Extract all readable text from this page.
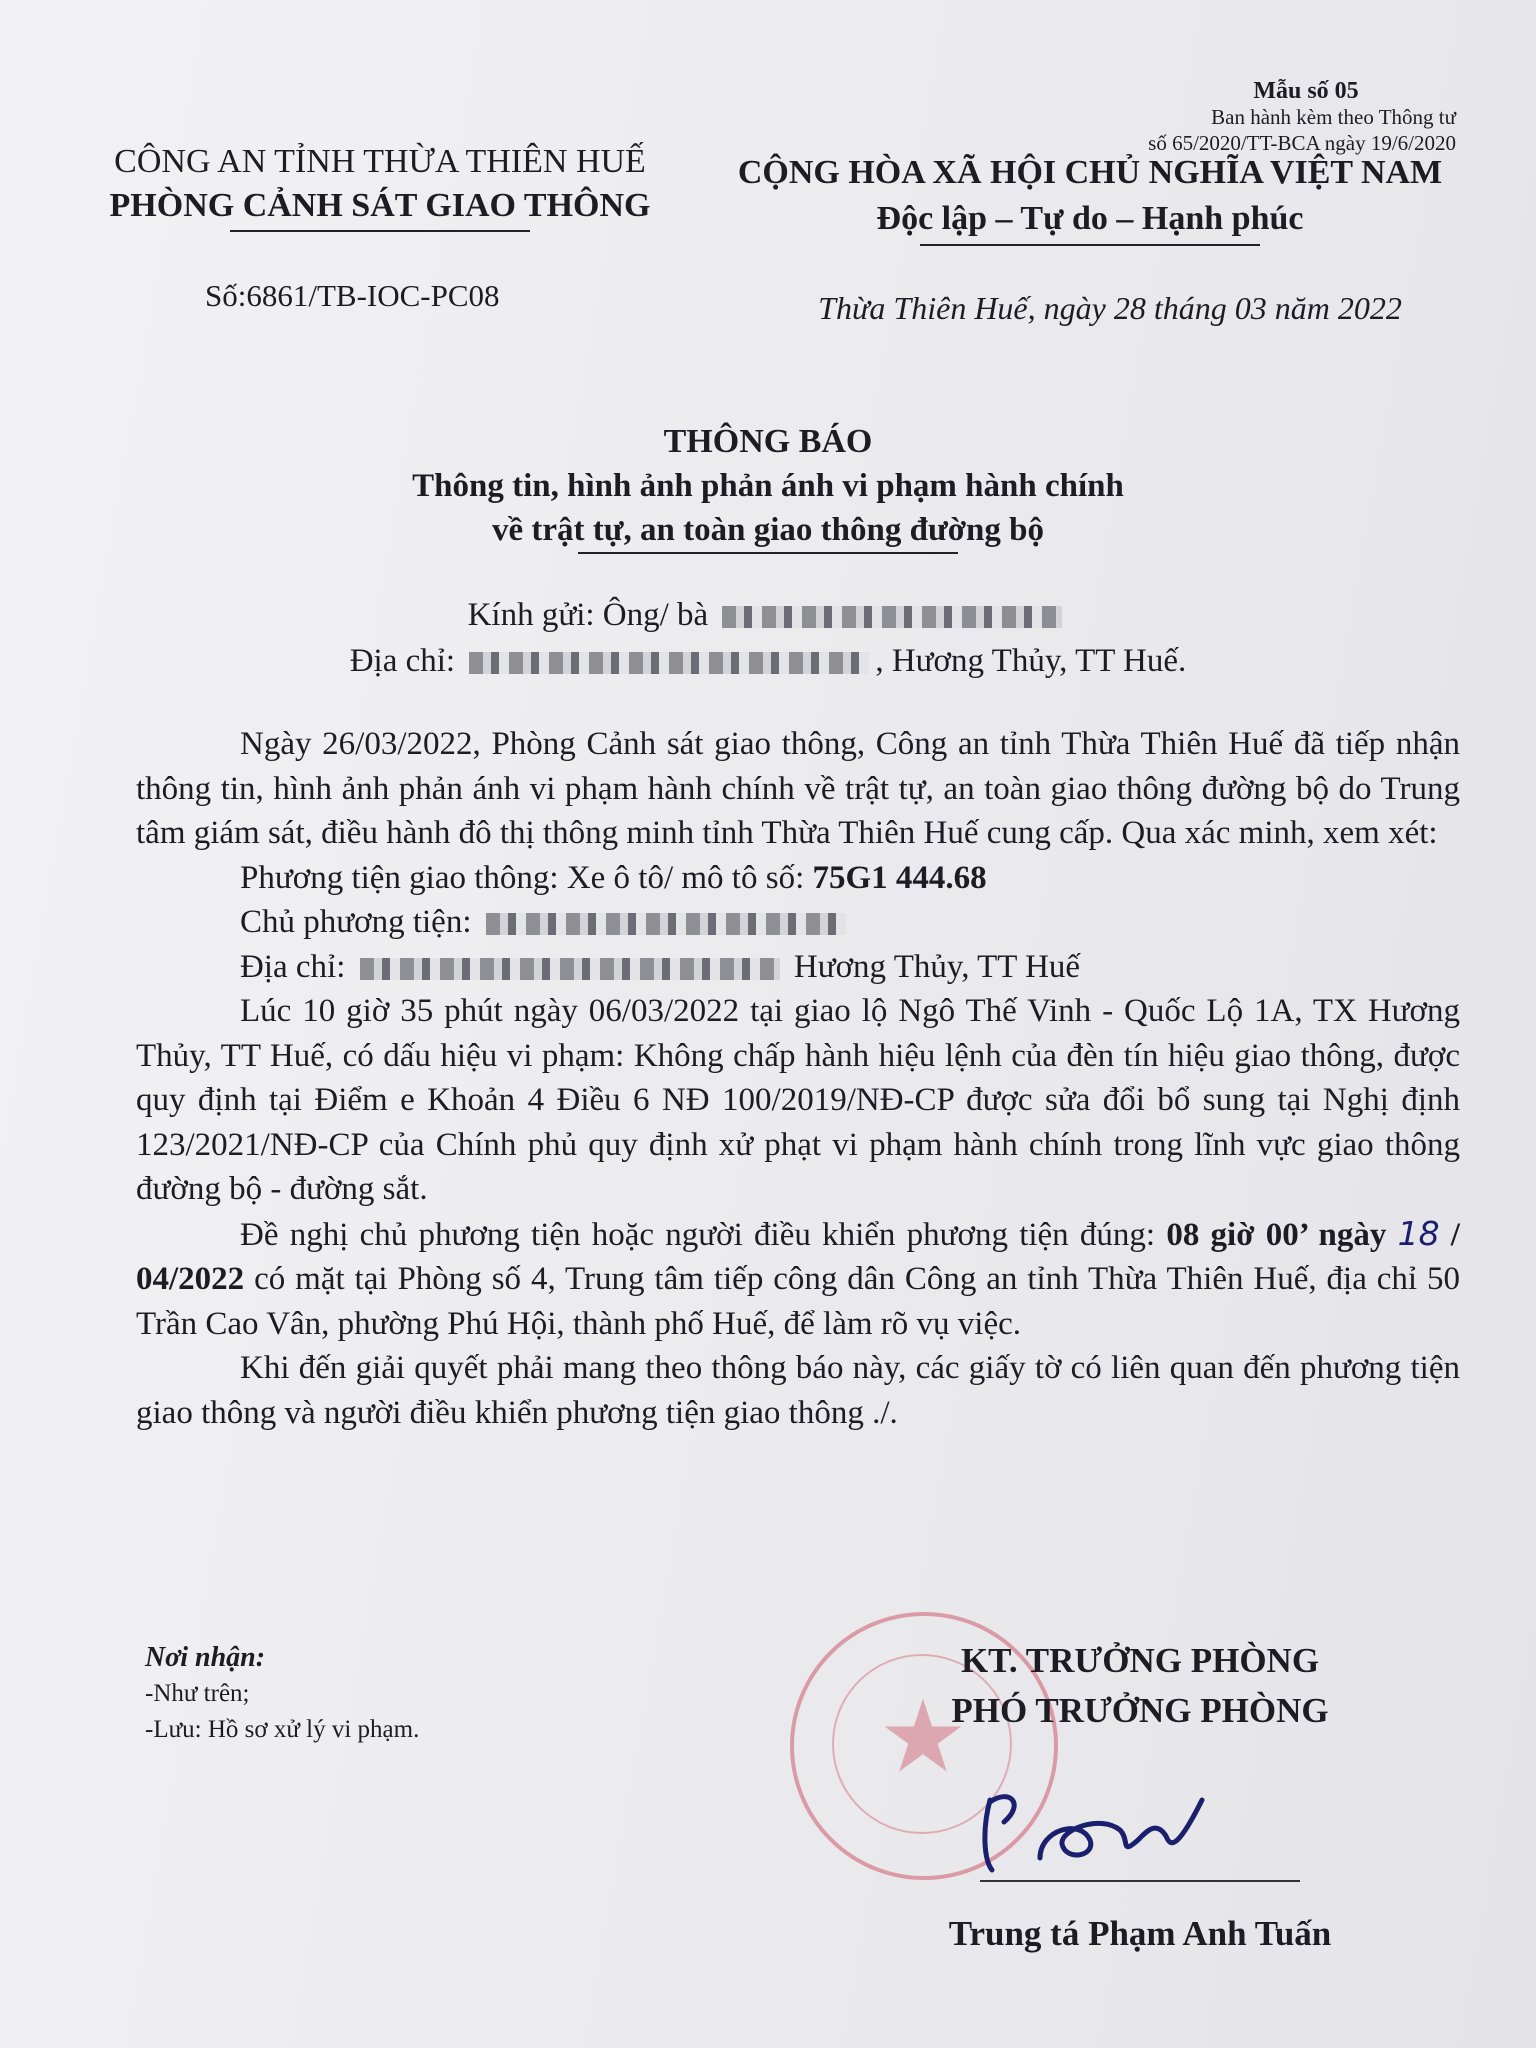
Mẫu số 05
Ban hành kèm theo Thông tư
số 65/2020/TT-BCA ngày 19/6/2020
CÔNG AN TỈNH THỪA THIÊN HUẾ
PHÒNG CẢNH SÁT GIAO THÔNG
Số:6861/TB-IOC-PC08
CỘNG HÒA XÃ HỘI CHỦ NGHĨA VIỆT NAM
Độc lập – Tự do – Hạnh phúc
Thừa Thiên Huế, ngày 28 tháng 03 năm 2022
THÔNG BÁO
Thông tin, hình ảnh phản ánh vi phạm hành chính
về trật tự, an toàn giao thông đường bộ
Kính gửi: Ông/ bà
Địa chỉ:	, Hương Thủy, TT Huế.

Ngày 26/03/2022, Phòng Cảnh sát giao thông, Công an tỉnh Thừa Thiên Huế đã tiếp nhận thông tin, hình ảnh phản ánh vi phạm hành chính về trật tự, an toàn giao thông đường bộ do Trung tâm giám sát, điều hành đô thị thông minh tỉnh Thừa Thiên Huế cung cấp. Qua xác minh, xem xét:

Phương tiện giao thông: Xe ô tô/ mô tô số: 75G1 444.68

Chủ phương tiện:

Địa chỉ:	Hương Thủy, TT Huế

Lúc 10 giờ 35 phút ngày 06/03/2022 tại giao lộ Ngô Thế Vinh - Quốc Lộ 1A, TX Hương Thủy, TT Huế, có dấu hiệu vi phạm: Không chấp hành hiệu lệnh của đèn tín hiệu giao thông, được quy định tại Điểm e Khoản 4 Điều 6 NĐ 100/2019/NĐ-CP được sửa đổi bổ sung tại Nghị định 123/2021/NĐ-CP của Chính phủ quy định xử phạt vi phạm hành chính trong lĩnh vực giao thông đường bộ - đường sắt.

Đề nghị chủ phương tiện hoặc người điều khiển phương tiện đúng: 08 giờ 00’ ngày 18 / 04/2022 có mặt tại Phòng số 4, Trung tâm tiếp công dân Công an tỉnh Thừa Thiên Huế, địa chỉ 50 Trần Cao Vân, phường Phú Hội, thành phố Huế, để làm rõ vụ việc.

Khi đến giải quyết phải mang theo thông báo này, các giấy tờ có liên quan đến phương tiện giao thông và người điều khiển phương tiện giao thông ./.

Nơi nhận:
-Như trên;
-Lưu: Hồ sơ xử lý vi phạm.	★
KT. TRƯỞNG PHÒNG
PHÓ TRƯỞNG PHÒNG
Trung tá Phạm Anh Tuấn
